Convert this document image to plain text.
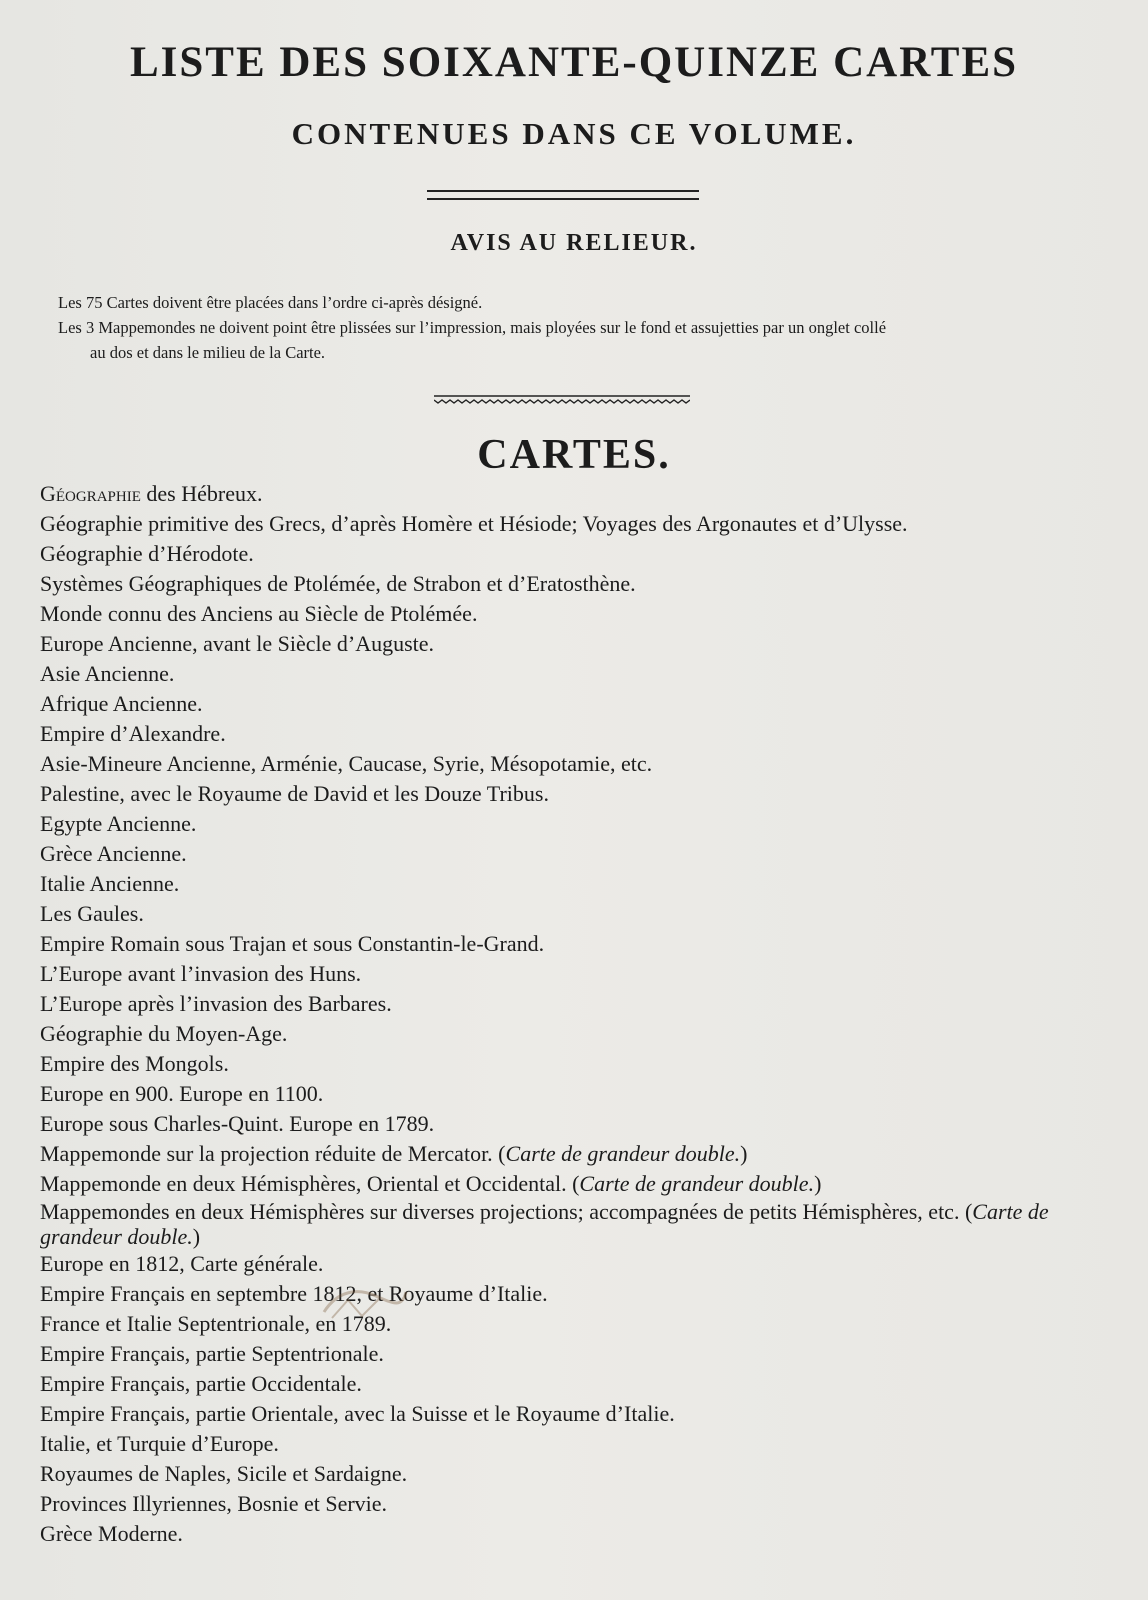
LISTE DES SOIXANTE-QUINZE CARTES
CONTENUES DANS CE VOLUME.
AVIS AU RELIEUR.

Les 75 Cartes doivent être placées dans l’ordre ci-après désigné.

Les 3 Mappemondes ne doivent point être plissées sur l’impression, mais ployées sur le fond et assujetties par un onglet collé

au dos et dans le milieu de la Carte.

CARTES.
Géographie des Hébreux.
Géographie primitive des Grecs, d’après Homère et Hésiode; Voyages des Argonautes et d’Ulysse.
Géographie d’Hérodote.
Systèmes Géographiques de Ptolémée, de Strabon et d’Eratosthène.
Monde connu des Anciens au Siècle de Ptolémée.
Europe Ancienne, avant le Siècle d’Auguste.
Asie Ancienne.
Afrique Ancienne.
Empire d’Alexandre.
Asie-Mineure Ancienne, Arménie, Caucase, Syrie, Mésopotamie, etc.
Palestine, avec le Royaume de David et les Douze Tribus.
Egypte Ancienne.
Grèce Ancienne.
Italie Ancienne.
Les Gaules.
Empire Romain sous Trajan et sous Constantin-le-Grand.
L’Europe avant l’invasion des Huns.
L’Europe après l’invasion des Barbares.
Géographie du Moyen-Age.
Empire des Mongols.
Europe en 900. Europe en 1100.
Europe sous Charles-Quint. Europe en 1789.
Mappemonde sur la projection réduite de Mercator. (Carte de grandeur double.)
Mappemonde en deux Hémisphères, Oriental et Occidental. (Carte de grandeur double.)
Mappemondes en deux Hémisphères sur diverses projections; accompagnées de petits Hémisphères, etc. (Carte de grandeur double.)
Europe en 1812, Carte générale.
Empire Français en septembre 1812, et Royaume d’Italie.
France et Italie Septentrionale, en 1789.
Empire Français, partie Septentrionale.
Empire Français, partie Occidentale.
Empire Français, partie Orientale, avec la Suisse et le Royaume d’Italie.
Italie, et Turquie d’Europe.
Royaumes de Naples, Sicile et Sardaigne.
Provinces Illyriennes, Bosnie et Servie.
Grèce Moderne.
